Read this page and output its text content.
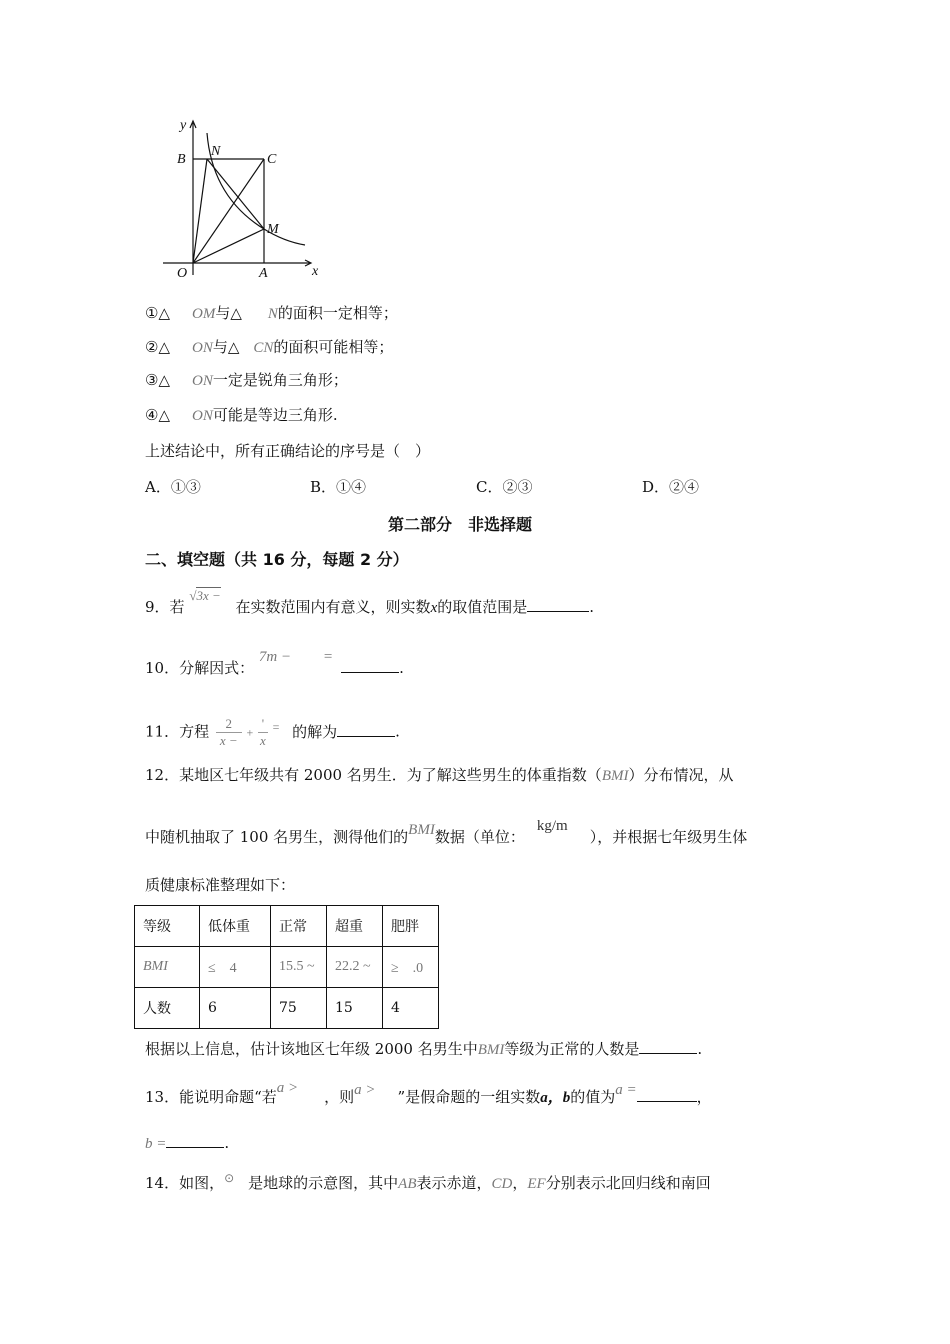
y
B
N
C
M
O	A	x
①△ OM与△ N的面积一定相等；
②△ ON与△ CN的面积可能相等；
③△ ON一定是锐角三角形；
④△ ON可能是等边三角形.
上述结论中，所有正确结论的序号是（　）
A．①③	B．①④	C．②③	D．②④
第二部分　非选择题
二、填空题（共 16 分，每题 2 分）
9．若 √3x − 在实数范围内有意义，则实数x的取值范围是	.
10．分解因式： 7m − = .
11．方程 $\frac{2}{x -}$ +
'
x
= 的解为	.
12．某地区七年级共有 2000 名男生．为了解这些男生的体重指数（BMI）分布情况，从
中随机抽取了 100 名男生，测得他们的BMI数据（单位：kg/m），并根据七年级男生体
质健康标准整理如下：
等级	低体重	正常	超重	肥胖
BMI	≤　4	15.5 ~	22.2 ~	≥　.0
人数	6	75	15	4
根据以上信息，估计该地区七年级 2000 名男生中BMI等级为正常的人数是	.
13．能说明命题“若a > ，则a > ”是假命题的一组实数a，b的值为a =	，
b =	.
14．如图，⊙ 是地球的示意图，其中AB表示赤道，CD，EF分别表示北回归线和南回
